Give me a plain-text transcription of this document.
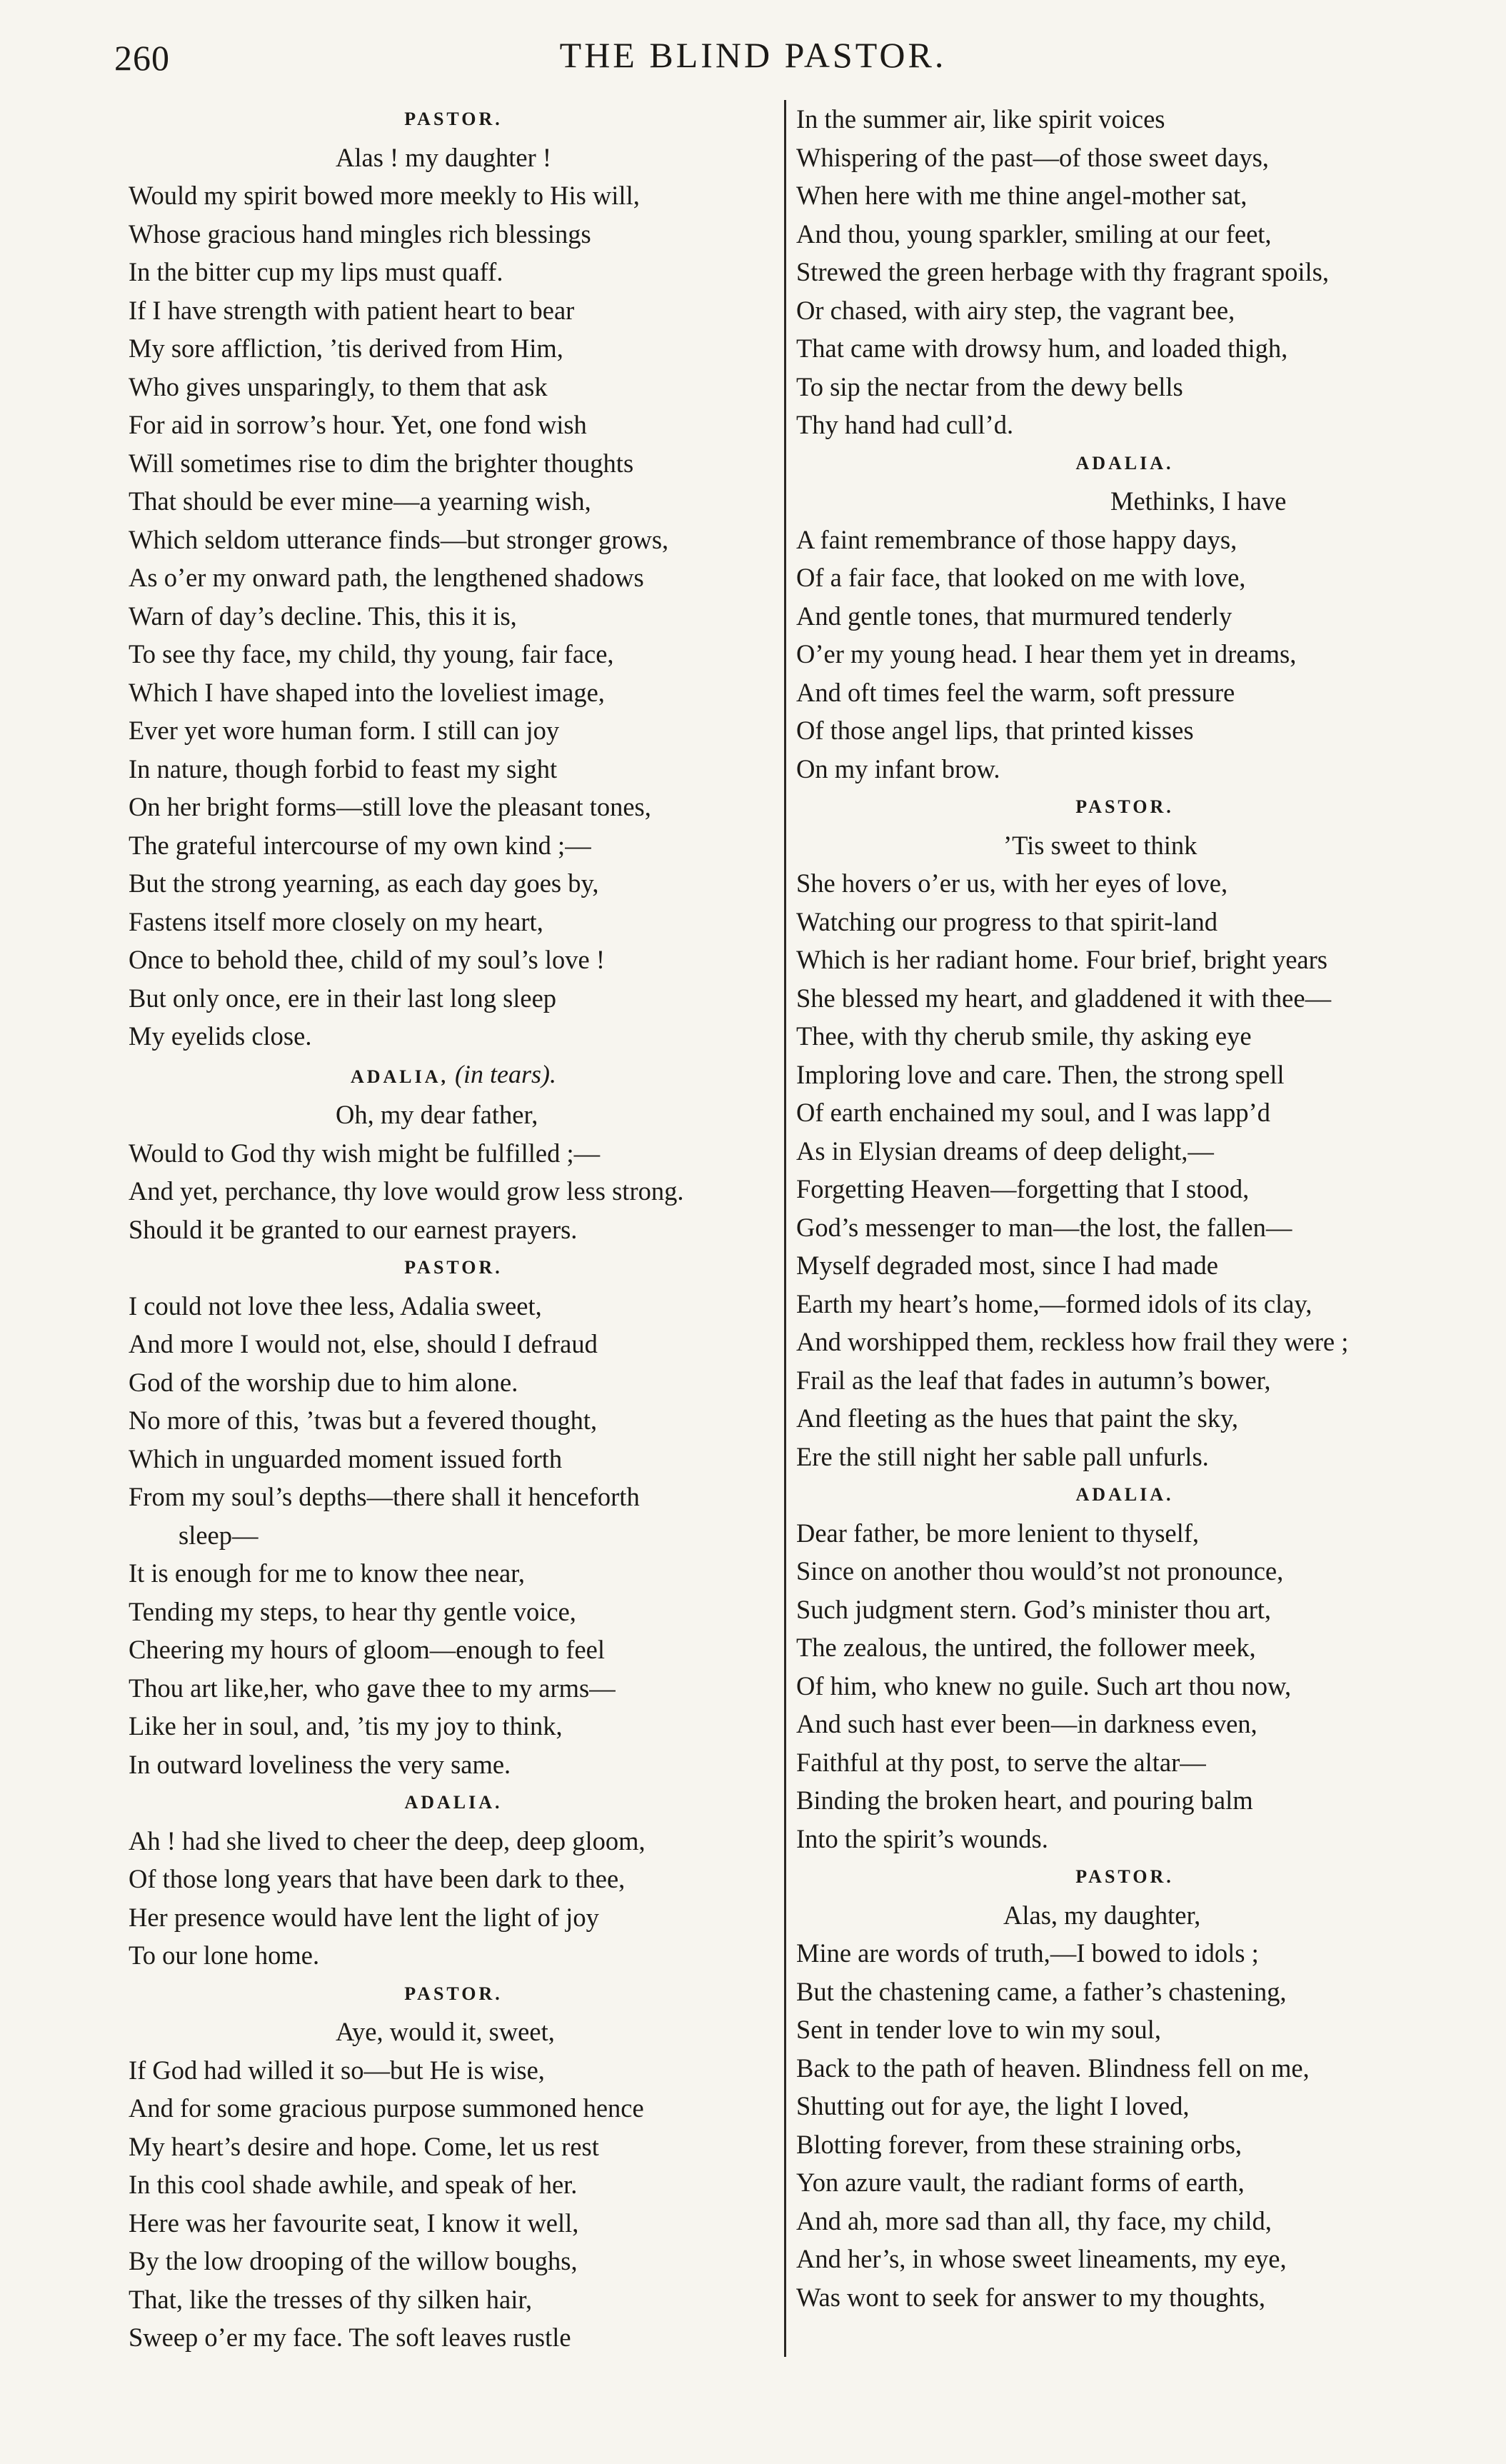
260	THE BLIND PASTOR.
PASTOR.
Alas ! my daughter !
Would my spirit bowed more meekly to His will,
Whose gracious hand mingles rich blessings
In the bitter cup my lips must quaff.
If I have strength with patient heart to bear
My sore affliction, ’tis derived from Him,
Who gives unsparingly, to them that ask
For aid in sorrow’s hour. Yet, one fond wish
Will sometimes rise to dim the brighter thoughts
That should be ever mine—a yearning wish,
Which seldom utterance finds—but stronger grows,
As o’er my onward path, the lengthened shadows
Warn of day’s decline. This, this it is,
To see thy face, my child, thy young, fair face,
Which I have shaped into the loveliest image,
Ever yet wore human form. I still can joy
In nature, though forbid to feast my sight
On her bright forms—still love the pleasant tones,
The grateful intercourse of my own kind ;—
But the strong yearning, as each day goes by,
Fastens itself more closely on my heart,
Once to behold thee, child of my soul’s love !
But only once, ere in their last long sleep
My eyelids close.
ADALIA, (in tears).
Oh, my dear father,
Would to God thy wish might be fulfilled ;—
And yet, perchance, thy love would grow less strong.
Should it be granted to our earnest prayers.
PASTOR.
I could not love thee less, Adalia sweet,
And more I would not, else, should I defraud
God of the worship due to him alone.
No more of this, ’twas but a fevered thought,
Which in unguarded moment issued forth
From my soul’s depths—there shall it henceforth
sleep—
It is enough for me to know thee near,
Tending my steps, to hear thy gentle voice,
Cheering my hours of gloom—enough to feel
Thou art like,her, who gave thee to my arms—
Like her in soul, and, ’tis my joy to think,
In outward loveliness the very same.
ADALIA.
Ah ! had she lived to cheer the deep, deep gloom,
Of those long years that have been dark to thee,
Her presence would have lent the light of joy
To our lone home.
PASTOR.
Aye, would it, sweet,
If God had willed it so—but He is wise,
And for some gracious purpose summoned hence
My heart’s desire and hope. Come, let us rest
In this cool shade awhile, and speak of her.
Here was her favourite seat, I know it well,
By the low drooping of the willow boughs,
That, like the tresses of thy silken hair,
Sweep o’er my face. The soft leaves rustle
In the summer air, like spirit voices
Whispering of the past—of those sweet days,
When here with me thine angel-mother sat,
And thou, young sparkler, smiling at our feet,
Strewed the green herbage with thy fragrant spoils,
Or chased, with airy step, the vagrant bee,
That came with drowsy hum, and loaded thigh,
To sip the nectar from the dewy bells
Thy hand had cull’d.
ADALIA.
Methinks, I have
A faint remembrance of those happy days,
Of a fair face, that looked on me with love,
And gentle tones, that murmured tenderly
O’er my young head. I hear them yet in dreams,
And oft times feel the warm, soft pressure
Of those angel lips, that printed kisses
On my infant brow.
PASTOR.
’Tis sweet to think
She hovers o’er us, with her eyes of love,
Watching our progress to that spirit-land
Which is her radiant home. Four brief, bright years
She blessed my heart, and gladdened it with thee—
Thee, with thy cherub smile, thy asking eye
Imploring love and care. Then, the strong spell
Of earth enchained my soul, and I was lapp’d
As in Elysian dreams of deep delight,—
Forgetting Heaven—forgetting that I stood,
God’s messenger to man—the lost, the fallen—
Myself degraded most, since I had made
Earth my heart’s home,—formed idols of its clay,
And worshipped them, reckless how frail they were ;
Frail as the leaf that fades in autumn’s bower,
And fleeting as the hues that paint the sky,
Ere the still night her sable pall unfurls.
ADALIA.
Dear father, be more lenient to thyself,
Since on another thou would’st not pronounce,
Such judgment stern. God’s minister thou art,
The zealous, the untired, the follower meek,
Of him, who knew no guile. Such art thou now,
And such hast ever been—in darkness even,
Faithful at thy post, to serve the altar—
Binding the broken heart, and pouring balm
Into the spirit’s wounds.
PASTOR.
Alas, my daughter,
Mine are words of truth,—I bowed to idols ;
But the chastening came, a father’s chastening,
Sent in tender love to win my soul,
Back to the path of heaven. Blindness fell on me,
Shutting out for aye, the light I loved,
Blotting forever, from these straining orbs,
Yon azure vault, the radiant forms of earth,
And ah, more sad than all, thy face, my child,
And her’s, in whose sweet lineaments, my eye,
Was wont to seek for answer to my thoughts,
